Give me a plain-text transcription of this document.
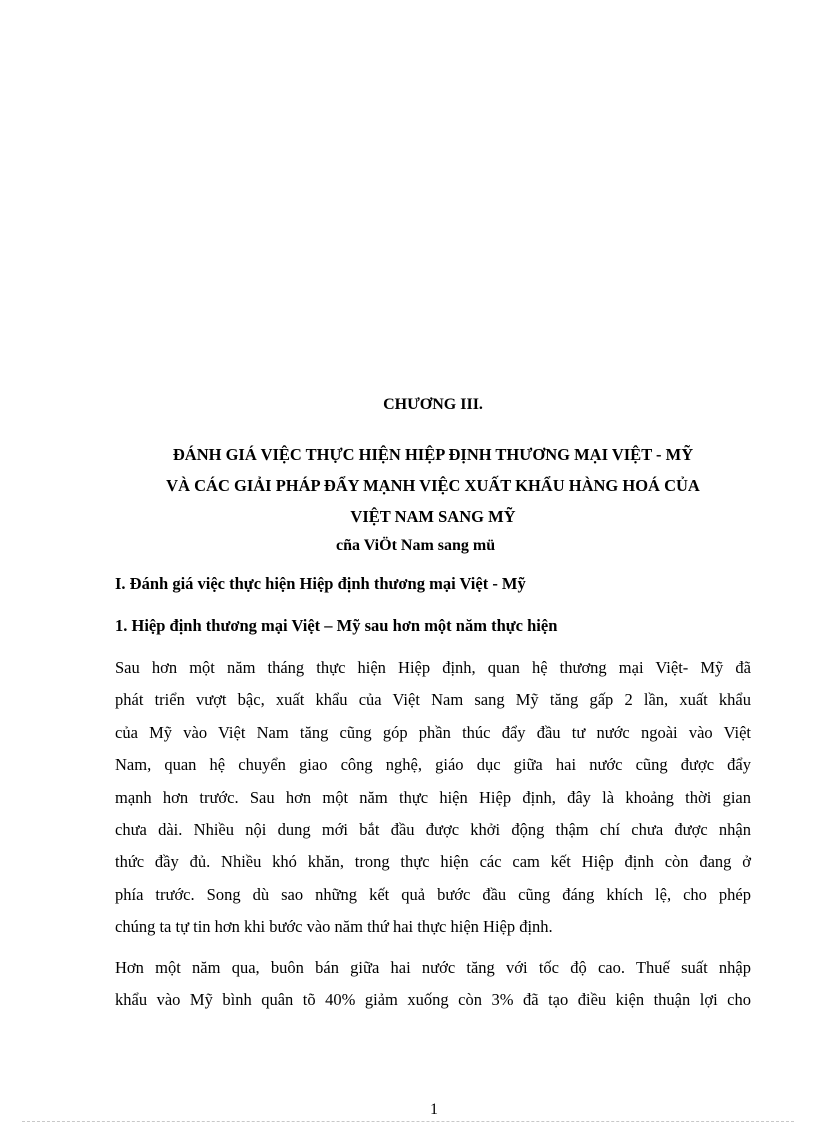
CHƯƠNG III.
ĐÁNH GIÁ VIỆC THỰC HIỆN HIỆP ĐỊNH THƯƠNG MẠI VIỆT - MỸ
VÀ CÁC GIẢI PHÁP ĐẨY MẠNH VIỆC XUẤT KHẨU HÀNG HOÁ CỦA
VIỆT NAM SANG MỸ
cña ViÖt Nam sang mü
I. Đánh giá việc thực hiện Hiệp định thương mại Việt - Mỹ
1. Hiệp định thương mại Việt – Mỹ sau hơn một năm thực hiện
Sau hơn một năm tháng thực hiện Hiệp định, quan hệ thương mại Việt- Mỹ đã
phát triển vượt bậc, xuất khẩu của Việt Nam sang Mỹ tăng gấp 2 lần, xuất khẩu
của Mỹ vào Việt Nam tăng cũng góp phần thúc đẩy đầu tư nước ngoài vào Việt
Nam, quan hệ chuyển giao công nghệ, giáo dục giữa hai nước cũng được đẩy
mạnh hơn trước. Sau hơn một năm thực hiện Hiệp định, đây là khoảng thời gian
chưa dài. Nhiều nội dung mới bắt đầu được khởi động thậm chí chưa được nhận
thức đầy đủ. Nhiều khó khăn, trong thực hiện các cam kết Hiệp định còn đang ở
phía trước. Song dù sao những kết quả bước đầu cũng đáng khích lệ, cho phép
chúng ta tự tin hơn khi bước vào năm thứ hai thực hiện Hiệp định.
Hơn một năm qua, buôn bán giữa hai nước tăng với tốc độ cao. Thuế suất nhập
khẩu vào Mỹ bình quân tõ 40% giảm xuống còn 3% đã tạo điều kiện thuận lợi cho
1
